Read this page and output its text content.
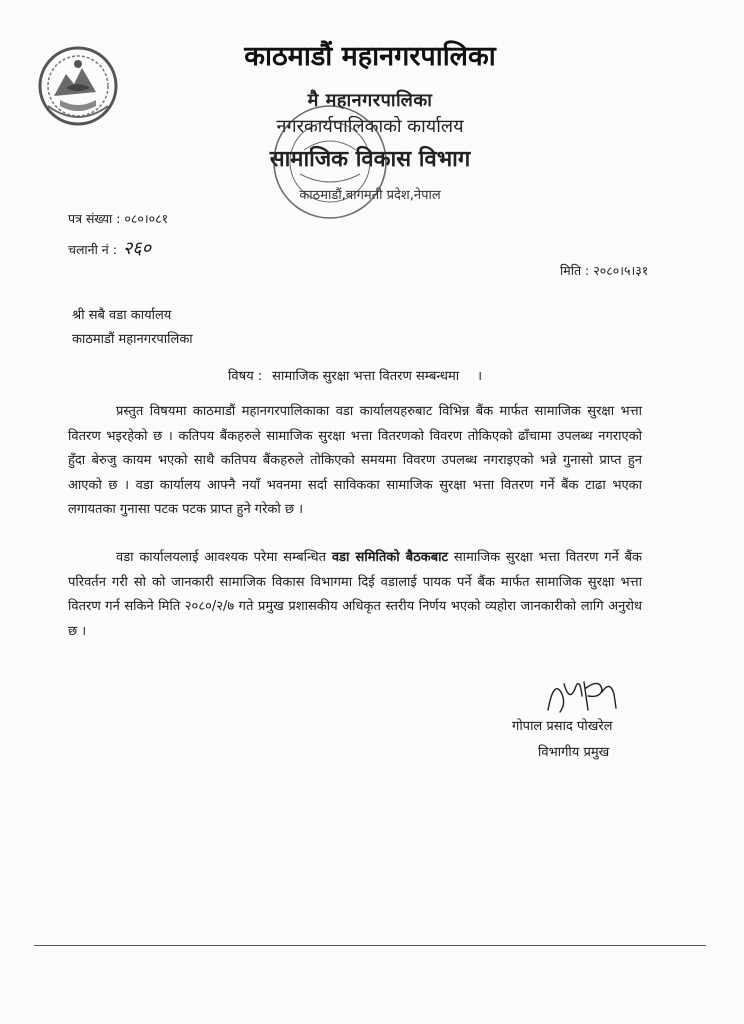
काठमाडौं महानगरपालिका
मै महानगरपालिका
नगरकार्यपालिकाको कार्यालय
सामाजिक विकास विभाग
काठमाडौं,बागमती प्रदेश,नेपाल
पत्र संख्या : ०८०।०८१
चलानी नं : २६०
मिति : २०८०।५।३१
श्री सबै वडा कार्यालय
काठमाडौं महानगरपालिका
विषय : सामाजिक सुरक्षा भत्ता वितरण सम्बन्धमा ।

प्रस्तुत विषयमा काठमाडौं महानगरपालिकाका वडा कार्यालयहरुबाट विभिन्न बैंक मार्फत सामाजिक सुरक्षा भत्ता वितरण भइरहेको छ । कतिपय बैंकहरुले सामाजिक सुरक्षा भत्ता वितरणको विवरण तोकिएको ढाँचामा उपलब्ध नगराएको हुँदा बेरुजु कायम भएको साथै कतिपय बैंकहरुले तोकिएको समयमा विवरण उपलब्ध नगराइएको भन्ने गुनासो प्राप्त हुन आएको छ । वडा कार्यालय आफ्नै नयाँ भवनमा सर्दा साविकका सामाजिक सुरक्षा भत्ता वितरण गर्ने बैंक टाढा भएका लगायतका गुनासा पटक पटक प्राप्त हुने गरेको छ ।

वडा कार्यालयलाई आवश्यक परेमा सम्बन्धित वडा समितिको बैठकबाट सामाजिक सुरक्षा भत्ता वितरण गर्ने बैंक परिवर्तन गरी सो को जानकारी सामाजिक विकास विभागमा दिई वडालाई पायक पर्ने बैंक मार्फत सामाजिक सुरक्षा भत्ता वितरण गर्न सकिने मिति २०८०/२/७ गते प्रमुख प्रशासकीय अधिकृत स्तरीय निर्णय भएको व्यहोरा जानकारीको लागि अनुरोध छ ।

गोपाल प्रसाद पोखरेल
विभागीय प्रमुख
